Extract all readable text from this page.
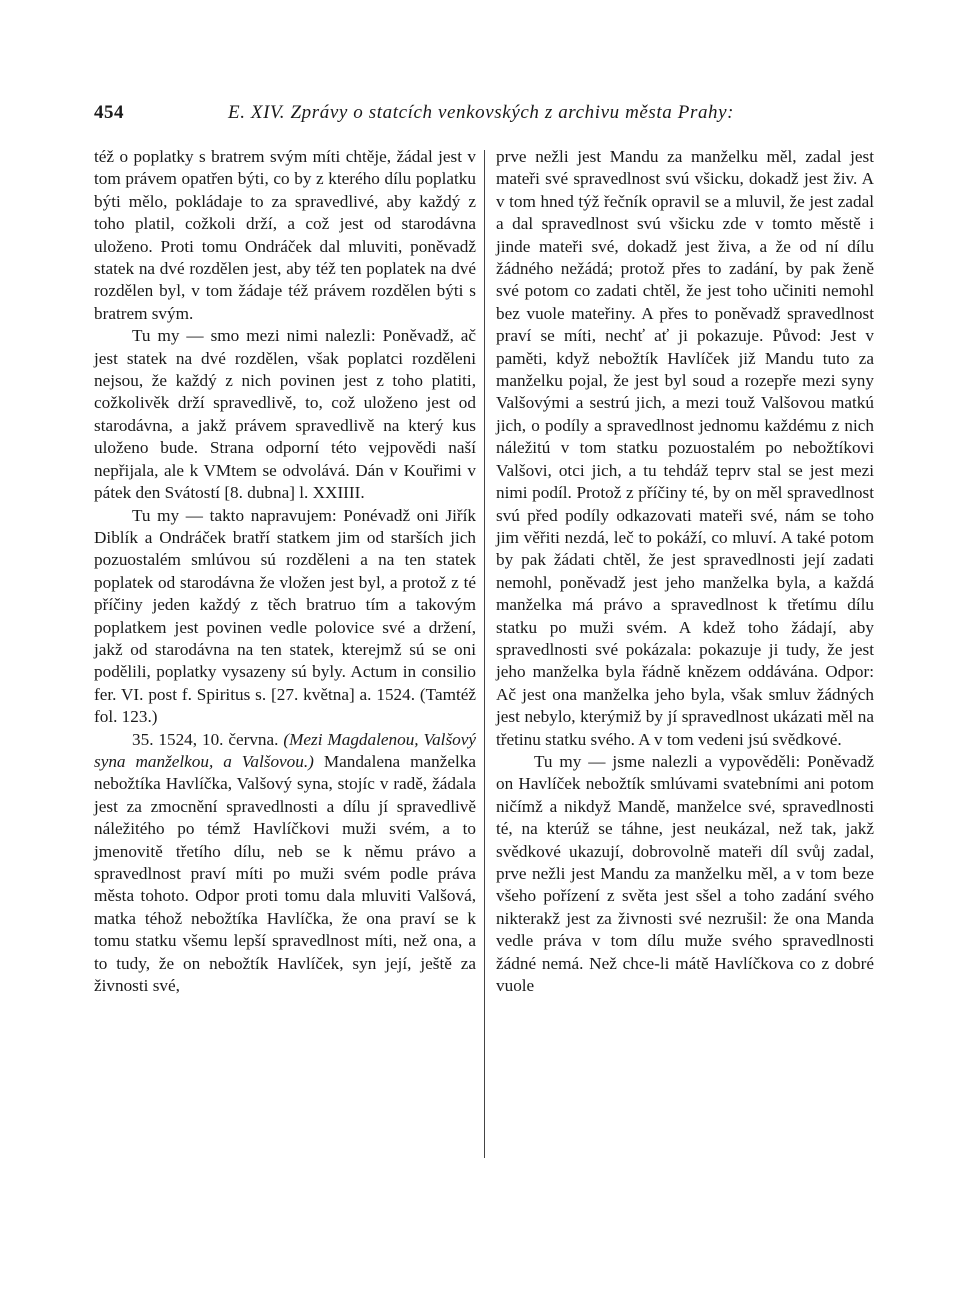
454	E. XIV. Zprávy o statcích venkovských z archivu města Prahy:

též o poplatky s bratrem svým míti chtěje, žádal jest v tom právem opatřen býti, co by z kterého dílu poplatku býti mělo, pokládaje to za spravedlivé, aby každý z toho platil, cožkoli drží, a což jest od starodávna uloženo. Proti tomu Ondráček dal mluviti, poněvadž statek na dvé rozdělen jest, aby též ten poplatek na dvé rozdělen byl, v tom žádaje též právem rozdělen býti s bratrem svým.

Tu my — smo mezi nimi nalezli: Poněvadž, ač jest statek na dvé rozdělen, však poplatci rozděleni nejsou, že každý z nich povinen jest z toho platiti, cožkolivěk drží spravedlivě, to, což uloženo jest od starodávna, a jakž právem spravedlivě na který kus uloženo bude. Strana odporní této vejpovědi naší nepřijala, ale k VMtem se odvolává. Dán v Kouřimi v pátek den Svátostí [8. dubna] l. XXIIII.

Tu my — takto napravujem: Ponévadž oni Jiřík Diblík a Ondráček bratří statkem jim od starších jich pozuostalém smlúvou sú rozděleni a na ten statek poplatek od starodávna že vložen jest byl, a protož z té příčiny jeden každý z těch bratruo tím a takovým poplatkem jest povinen vedle polovice své a držení, jakž od starodávna na ten statek, kterejmž sú se oni podělili, poplatky vysazeny sú byly. Actum in consilio fer. VI. post f. Spiritus s. [27. května] a. 1524. (Tamtéž fol. 123.)

35. 1524, 10. června. (Mezi Magdalenou, Valšový syna manželkou, a Valšovou.) Mandalena manželka nebožtíka Havlíčka, Valšový syna, stojíc v radě, žádala jest za zmocnění spravedlnosti a dílu jí spravedlivě náležitého po témž Havlíčkovi muži svém, a to jmenovitě třetího dílu, neb se k němu právo a spravedlnost praví míti po muži svém podle práva města tohoto. Odpor proti tomu dala mluviti Valšová, matka téhož nebožtíka Havlíčka, že ona praví se k tomu statku všemu lepší spravedlnost míti, než ona, a to tudy, že on nebožtík Havlíček, syn její, ještě za živnosti své,

prve nežli jest Mandu za manželku měl, zadal jest mateři své spravedlnost svú všicku, dokadž jest živ. A v tom hned týž řečník opravil se a mluvil, že jest zadal a dal spravedlnost svú všicku zde v tomto městě i jinde mateři své, dokadž jest živa, a že od ní dílu žádného nežádá; protož přes to zadání, by pak ženě své potom co zadati chtěl, že jest toho učiniti nemohl bez vuole mateřiny. A přes to poněvadž spravedlnost praví se míti, nechť ať ji pokazuje. Původ: Jest v paměti, když nebožtík Havlíček již Mandu tuto za manželku pojal, že jest byl soud a rozepře mezi syny Valšovými a sestrú jich, a mezi touž Valšovou matkú jich, o podíly a spravedlnost jednomu každému z nich náležitú v tom statku pozuostalém po nebožtíkovi Valšovi, otci jich, a tu tehdáž teprv stal se jest mezi nimi podíl. Protož z příčiny té, by on měl spravedlnost svú před podíly odkazovati mateři své, nám se toho jim věřiti nezdá, leč to pokáží, co mluví. A také potom by pak žádati chtěl, že jest spravedlnosti její zadati nemohl, poněvadž jest jeho manželka byla, a každá manželka má právo a spravedlnost k třetímu dílu statku po muži svém. A kdež toho žádají, aby spravedlnosti své pokázala: pokazuje ji tudy, že jest jeho manželka byla řádně knězem oddávána. Odpor: Ač jest ona manželka jeho byla, však smluv žádných jest nebylo, kterýmiž by jí spravedlnost ukázati měl na třetinu statku svého. A v tom vedeni jsú svědkové.

Tu my — jsme nalezli a vypověděli: Poněvadž on Havlíček nebožtík smlúvami svatebními ani potom ničímž a nikdyž Mandě, manželce své, spravedlnosti té, na kterúž se táhne, jest neukázal, než tak, jakž svědkové ukazují, dobrovolně mateři díl svůj zadal, prve nežli jest Mandu za manželku měl, a v tom beze všeho pořízení z světa jest sšel a toho zadání svého nikterakž jest za živnosti své nezrušil: že ona Manda vedle práva v tom dílu muže svého spravedlnosti žádné nemá. Než chce-li mátě Havlíčkova co z dobré vuole
